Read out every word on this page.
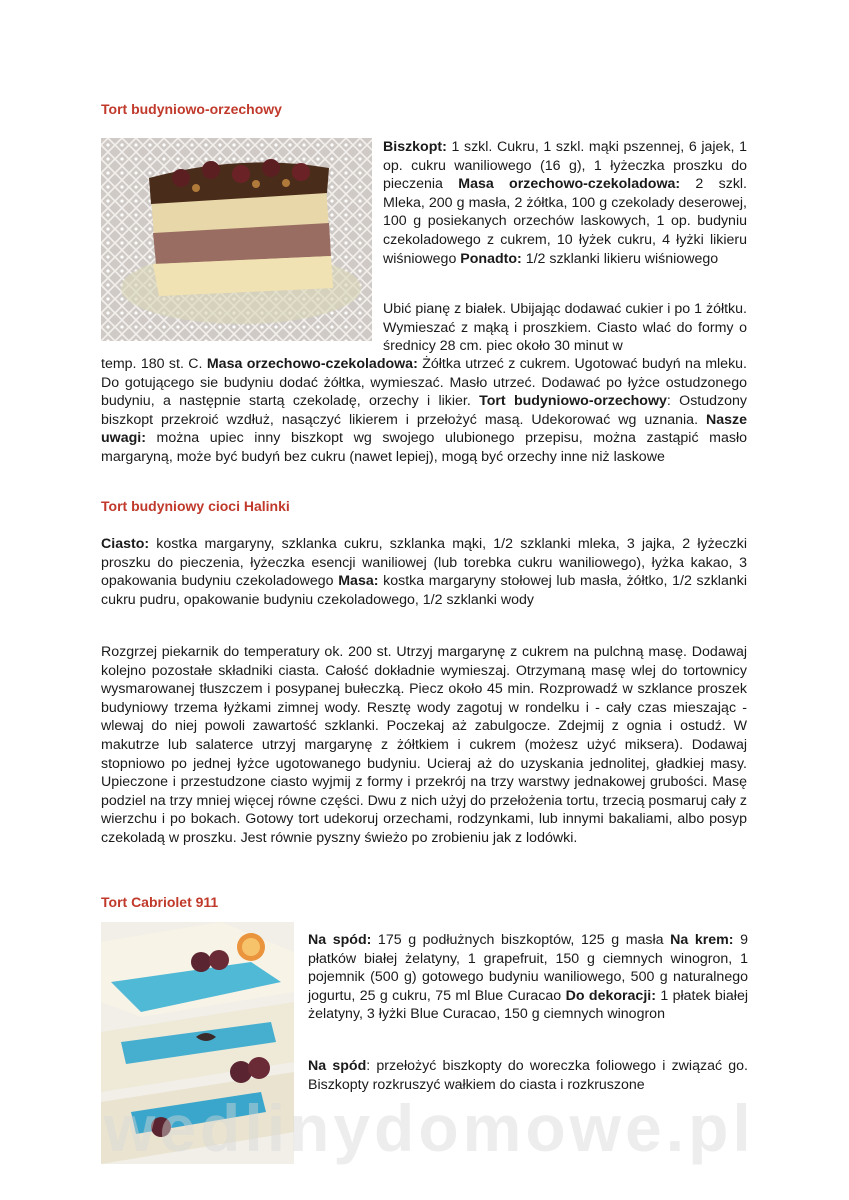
Tort budyniowo-orzechowy

Biszkopt: 1 szkl. Cukru, 1 szkl. mąki pszennej, 6 jajek, 1 op. cukru waniliowego (16 g), 1 łyżeczka proszku do pieczenia Masa orzechowo-czekoladowa: 2 szkl. Mleka, 200 g masła, 2 żółtka, 100 g czekolady deserowej, 100 g posiekanych orzechów laskowych, 1 op. budyniu czekoladowego z cukrem, 10 łyżek cukru, 4 łyżki likieru wiśniowego Ponadto: 1/2 szklanki likieru wiśniowego

Ubić pianę z białek. Ubijając dodawać cukier i po 1 żółtku. Wymieszać z mąką i proszkiem. Ciasto wlać do formy o średnicy 28 cm. piec około 30 minut w

temp. 180 st. C. Masa orzechowo-czekoladowa: Żółtka utrzeć z cukrem. Ugotować budyń na mleku. Do gotującego sie budyniu dodać żółtka, wymieszać. Masło utrzeć. Dodawać po łyżce ostudzonego budyniu, a następnie startą czekoladę, orzechy i likier. Tort budyniowo-orzechowy: Ostudzony biszkopt przekroić wzdłuż, nasączyć likierem i przełożyć masą. Udekorować wg uznania. Nasze uwagi: można upiec inny biszkopt wg swojego ulubionego przepisu, można zastąpić masło margaryną, może być budyń bez cukru (nawet lepiej), mogą być orzechy inne niż laskowe

Tort budyniowy cioci Halinki

Ciasto: kostka margaryny, szklanka cukru, szklanka mąki, 1/2 szklanki mleka, 3 jajka, 2 łyżeczki proszku do pieczenia, łyżeczka esencji waniliowej (lub torebka cukru waniliowego), łyżka kakao, 3 opakowania budyniu czekoladowego Masa: kostka margaryny stołowej lub masła, żółtko, 1/2 szklanki cukru pudru, opakowanie budyniu czekoladowego, 1/2 szklanki wody

Rozgrzej piekarnik do temperatury ok. 200 st. Utrzyj margarynę z cukrem na pulchną masę. Dodawaj kolejno pozostałe składniki ciasta. Całość dokładnie wymieszaj. Otrzymaną masę wlej do tortownicy wysmarowanej tłuszczem i posypanej bułeczką. Piecz około 45 min. Rozprowadź w szklance proszek budyniowy trzema łyżkami zimnej wody. Resztę wody zagotuj w rondelku i - cały czas mieszając - wlewaj do niej powoli zawartość szklanki. Poczekaj aż zabulgocze. Zdejmij z ognia i ostudź. W makutrze lub salaterce utrzyj margarynę z żółtkiem i cukrem (możesz użyć miksera). Dodawaj stopniowo po jednej łyżce ugotowanego budyniu. Ucieraj aż do uzyskania jednolitej, gładkiej masy. Upieczone i przestudzone ciasto wyjmij z formy i przekrój na trzy warstwy jednakowej grubości. Masę podziel na trzy mniej więcej równe części. Dwu z nich użyj do przełożenia tortu, trzecią posmaruj cały z wierzchu i po bokach. Gotowy tort udekoruj orzechami, rodzynkami, lub innymi bakaliami, albo posyp czekoladą w proszku. Jest równie pyszny świeżo po zrobieniu jak z lodówki.

Tort Cabriolet 911

Na spód: 175 g podłużnych biszkoptów, 125 g masła Na krem: 9 płatków białej żelatyny, 1 grapefruit, 150 g ciemnych winogron, 1 pojemnik (500 g) gotowego budyniu waniliowego, 500 g naturalnego jogurtu, 25 g cukru, 75 ml Blue Curacao Do dekoracji: 1 płatek białej żelatyny, 3 łyżki Blue Curacao, 150 g ciemnych winogron

Na spód: przełożyć biszkopty do woreczka foliowego i związać go. Biszkopty rozkruszyć wałkiem do ciasta i rozkruszone

wedlinydomowe.pl
